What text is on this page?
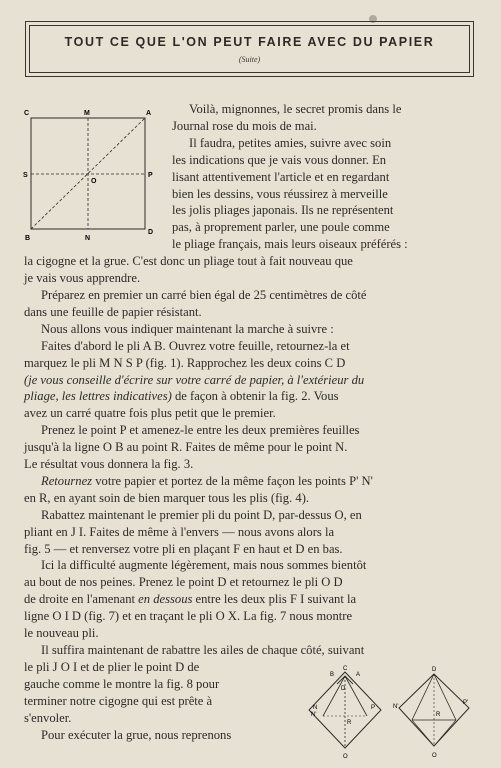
TOUT CE QUE L'ON PEUT FAIRE AVEC DU PAPIER
(Suite)
C	M	A
S	P
O
B	N
D
Voilà, mignonnes, le secret promis dans le
Journal rose du mois de mai.
Il faudra, petites amies, suivre avec soin
les indications que je vais vous donner. En
lisant attentivement l'article et en regardant
bien les dessins, vous réussirez à merveille
les jolis pliages japonais. Ils ne représentent
pas, à proprement parler, une poule comme
le pliage français, mais leurs oiseaux préférés :
la cigogne et la grue. C'est donc un pliage tout à fait nouveau que
je vais vous apprendre.
Préparez en premier un carré bien égal de 25 centimètres de côté
dans une feuille de papier résistant.
Nous allons vous indiquer maintenant la marche à suivre :
Faites d'abord le pli A B. Ouvrez votre feuille, retournez-la et
marquez le pli M N S P (fig. 1). Rapprochez les deux coins C D
(je vous conseille d'écrire sur votre carré de papier, à l'extérieur du
pliage, les lettres indicatives) de façon à obtenir la fig. 2. Vous
avez un carré quatre fois plus petit que le premier.
Prenez le point P et amenez-le entre les deux premières feuilles
jusqu'à la ligne O B au point R. Faites de même pour le point N.
Le résultat vous donnera la fig. 3.
Retournez votre papier et portez de la même façon les points P' N'
en R, en ayant soin de bien marquer tous les plis (fig. 4).
Rabattez maintenant le premier pli du point D, par-dessus O, en
pliant en J I. Faites de même à l'envers — nous avons alors la
fig. 5 — et renversez votre pli en plaçant F en haut et D en bas.
Ici la difficulté augmente légèrement, mais nous sommes bientôt
au bout de nos peines. Prenez le point D et retournez le pli O D
de droite en l'amenant en dessous entre les deux plis F I suivant la
ligne O I D (fig. 7) et en traçant le pli O X. La fig. 7 nous montre
le nouveau pli.
Il suffira maintenant de rabattre les ailes de chaque côté, suivant
le pli J O I et de plier le point D de
gauche comme le montre la fig. 8 pour
terminer notre cigogne qui est prête à
s'envoler.
Pour exécuter la grue, nous reprenons
B
C
A
D
N
N'
P
R
O
D
P'
N'
R
O
